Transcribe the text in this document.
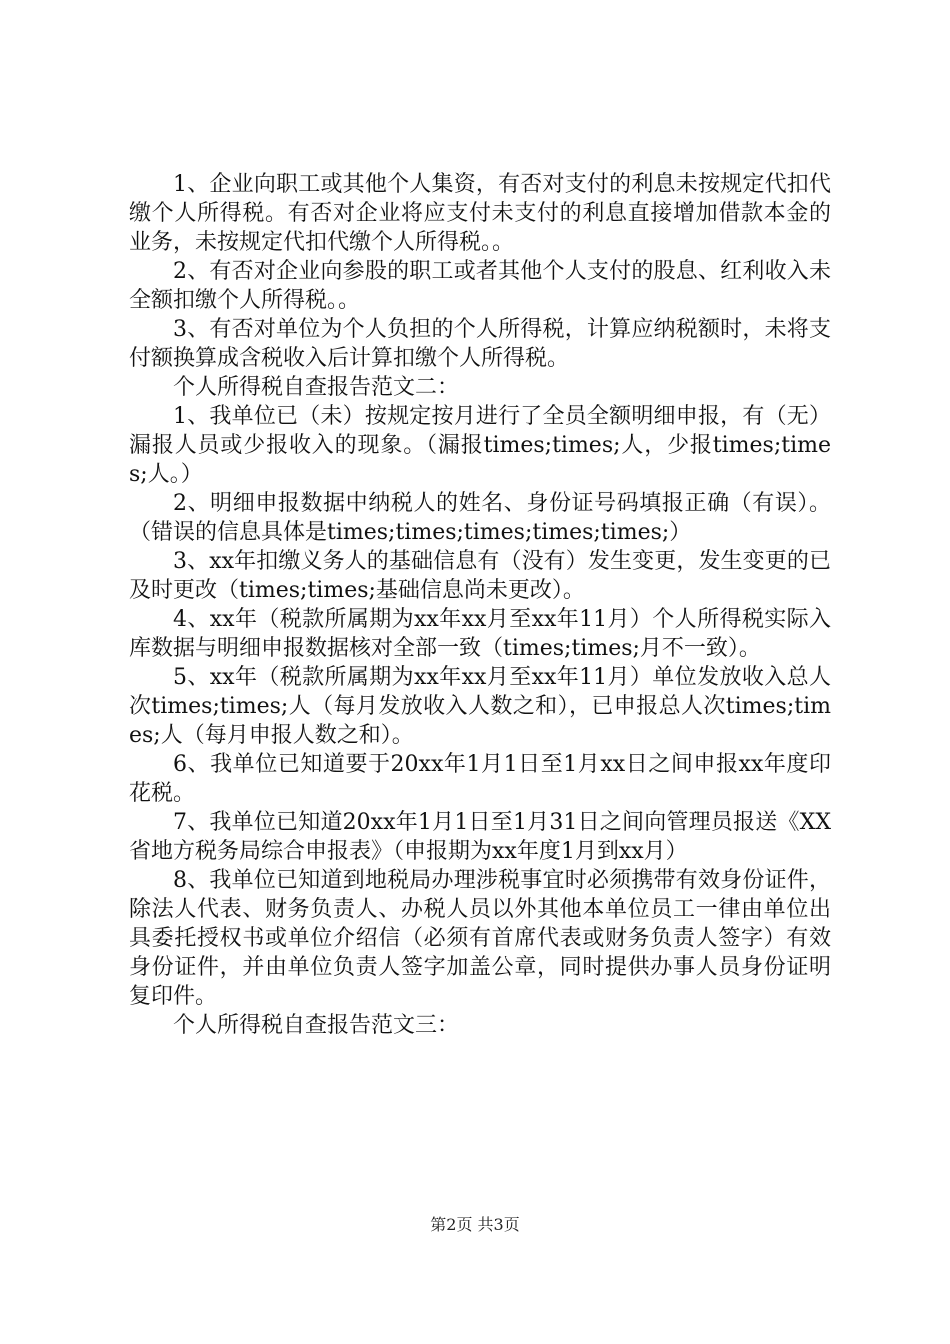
1、企业向职工或其他个人集资，有否对支付的利息未按规定代扣代缴个人所得税。有否对企业将应支付未支付的利息直接增加借款本金的业务，未按规定代扣代缴个人所得税。。

2、有否对企业向参股的职工或者其他个人支付的股息、红利收入未全额扣缴个人所得税。。

3、有否对单位为个人负担的个人所得税，计算应纳税额时，未将支付额换算成含税收入后计算扣缴个人所得税。

个人所得税自查报告范文二：

1、我单位已（未）按规定按月进行了全员全额明细申报，有（无）漏报人员或少报收入的现象。（漏报times;times;人，少报times;times;人。）

2、明细申报数据中纳税人的姓名、身份证号码填报正确（有误）。（错误的信息具体是times;times;times;times;times;）

3、xx年扣缴义务人的基础信息有（没有）发生变更，发生变更的已及时更改（times;times;基础信息尚未更改）。

4、xx年（税款所属期为xx年xx月至xx年11月）个人所得税实际入库数据与明细申报数据核对全部一致（times;times;月不一致）。

5、xx年（税款所属期为xx年xx月至xx年11月）单位发放收入总人次times;times;人（每月发放收入人数之和），已申报总人次times;times;人（每月申报人数之和）。

6、我单位已知道要于20xx年1月1日至1月xx日之间申报xx年度印花税。

7、我单位已知道20xx年1月1日至1月31日之间向管理员报送《XX省地方税务局综合申报表》（申报期为xx年度1月到xx月）

8、我单位已知道到地税局办理涉税事宜时必须携带有效身份证件，除法人代表、财务负责人、办税人员以外其他本单位员工一律由单位出具委托授权书或单位介绍信（必须有首席代表或财务负责人签字）有效身份证件，并由单位负责人签字加盖公章，同时提供办事人员身份证明复印件。

个人所得税自查报告范文三：

第2页 共3页
